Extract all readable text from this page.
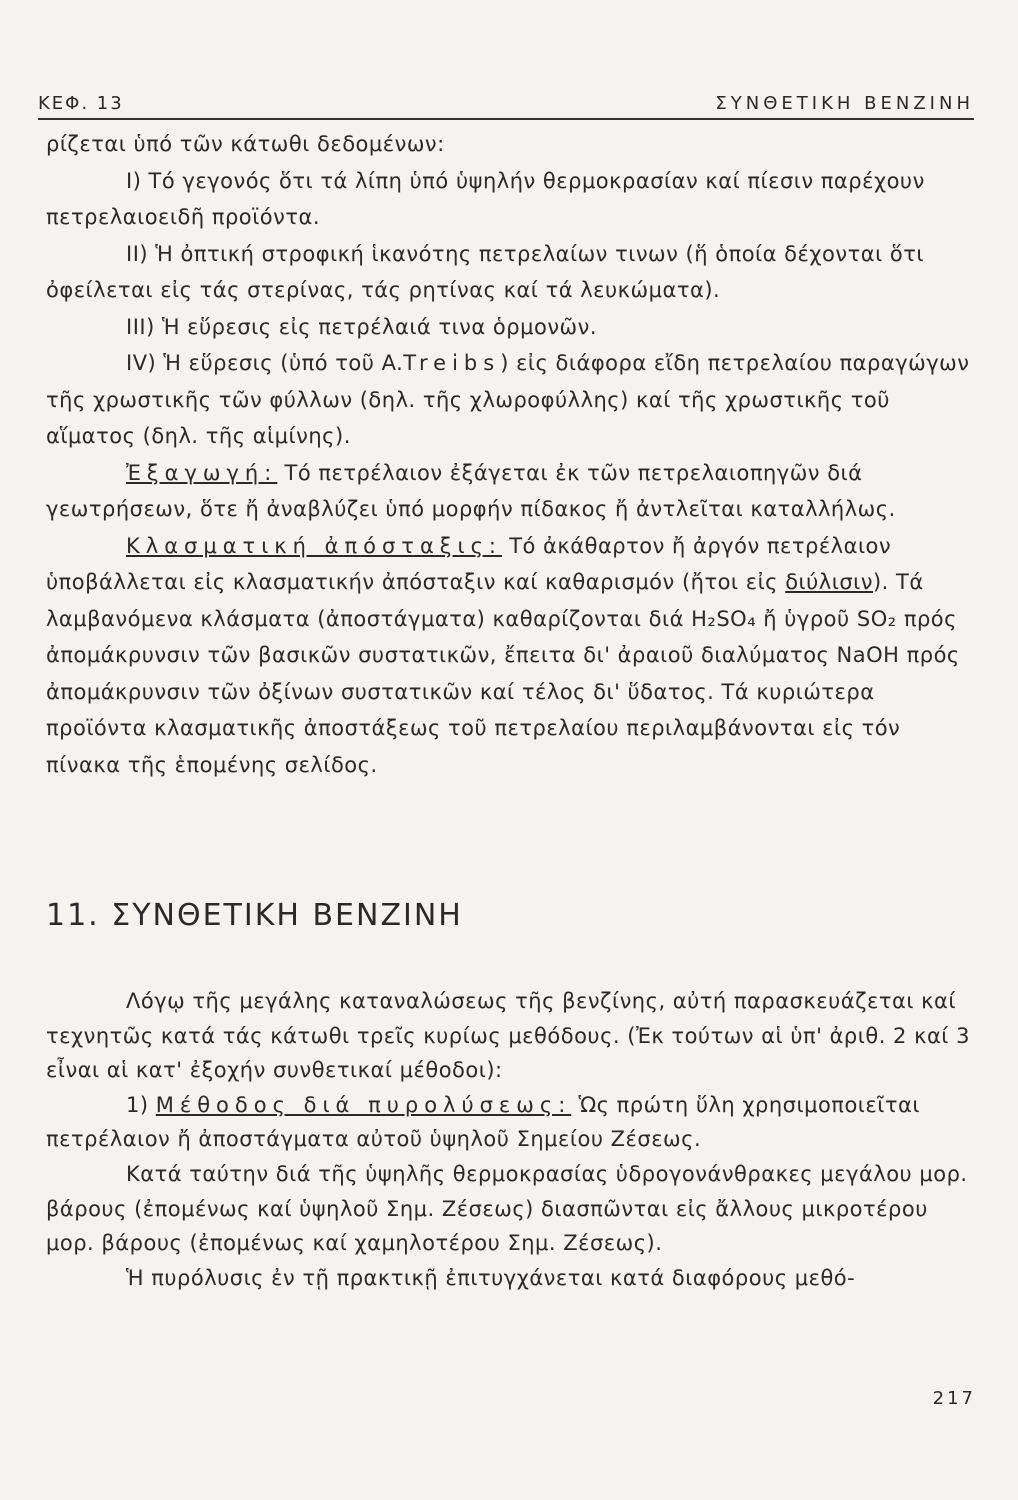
ΚΕΦ. 13	ΣΥΝΘΕΤΙΚΗ ΒΕΝΖΙΝΗ

ρίζεται ὑπό τῶν κάτωθι δεδομένων:

I) Τό γεγονός ὅτι τά λίπη ὑπό ὑψηλήν θερμοκρασίαν καί πίεσιν παρέχουν πετρελαιοειδῆ προϊόντα.

II) Ἡ ὀπτική στροφική ἱκανότης πετρελαίων τινων (ἥ ὁποία δέχονται ὅτι ὀφείλεται εἰς τάς στερίνας, τάς ρητίνας καί τά λευκώματα).

III) Ἡ εὕρεσις εἰς πετρέλαιά τινα ὁρμονῶν.

IV) Ἡ εὕρεσις (ὑπό τοῦ A.Treibs) εἰς διάφορα εἴδη πετρελαίου παραγώγων τῆς χρωστικῆς τῶν φύλλων (δηλ. τῆς χλωροφύλλης) καί τῆς χρωστικῆς τοῦ αἵματος (δηλ. τῆς αἱμίνης).

Ἐξαγωγή: Τό πετρέλαιον ἐξάγεται ἐκ τῶν πετρελαιοπηγῶν διά γεωτρήσεων, ὅτε ἤ ἀναβλύζει ὑπό μορφήν πίδακος ἤ ἀντλεῖται καταλλήλως.

Κλασματική ἀπόσταξις: Τό ἀκάθαρτον ἤ ἀργόν πετρέλαιον ὑποβάλλεται εἰς κλασματικήν ἀπόσταξιν καί καθαρισμόν (ἤτοι εἰς διύλισιν). Τά λαμβανόμενα κλάσματα (ἀποστάγματα) καθαρίζονται διά H₂SO₄ ἤ ὑγροῦ SO₂ πρός ἀπομάκρυνσιν τῶν βασικῶν συστατικῶν, ἔπειτα δι' ἀραιοῦ διαλύματος NaOH πρός ἀπομάκρυνσιν τῶν ὀξίνων συστατικῶν καί τέλος δι' ὕδατος. Τά κυριώτερα προϊόντα κλασματικῆς ἀποστάξεως τοῦ πετρελαίου περιλαμβάνονται εἰς τόν πίνακα τῆς ἑπομένης σελίδος.

11. ΣΥΝΘΕΤΙΚΗ ΒΕΝΖΙΝΗ

Λόγῳ τῆς μεγάλης καταναλώσεως τῆς βενζίνης, αὐτή παρασκευάζεται καί τεχνητῶς κατά τάς κάτωθι τρεῖς κυρίως μεθόδους. (Ἐκ τούτων αἱ ὑπ' ἀριθ. 2 καί 3 εἶναι αἱ κατ' ἐξοχήν συνθετικαί μέθοδοι):

1) Μέθοδος διά πυρολύσεως: Ὡς πρώτη ὕλη χρησιμοποιεῖται πετρέλαιον ἤ ἀποστάγματα αὐτοῦ ὑψηλοῦ Σημείου Ζέσεως.

Κατά ταύτην διά τῆς ὑψηλῆς θερμοκρασίας ὑδρογονάνθρακες μεγάλου μορ. βάρους (ἐπομένως καί ὑψηλοῦ Σημ. Ζέσεως) διασπῶνται εἰς ἄλλους μικροτέρου μορ. βάρους (ἐπομένως καί χαμηλοτέρου Σημ. Ζέσεως).

Ἡ πυρόλυσις ἐν τῇ πρακτικῇ ἐπιτυγχάνεται κατά διαφόρους μεθό-

217
